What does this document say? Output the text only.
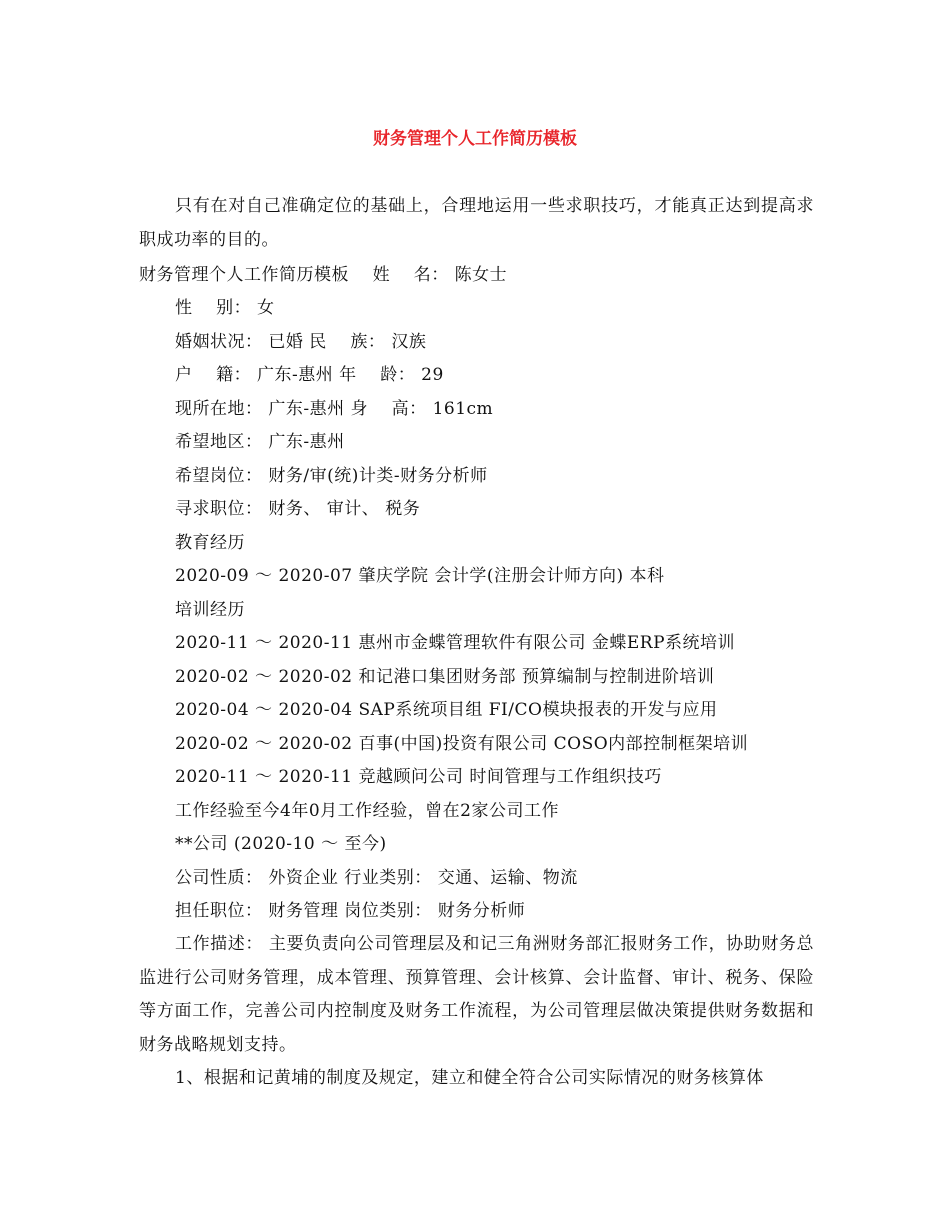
财务管理个人工作简历模板

只有在对自己准确定位的基础上，合理地运用一些求职技巧，才能真正达到提高求职成功率的目的。

财务管理个人工作简历模板    姓    名： 陈女士
性    别： 女
婚姻状况： 已婚 民    族： 汉族
户    籍： 广东-惠州 年    龄： 29
现所在地： 广东-惠州 身    高： 161cm
希望地区： 广东-惠州
希望岗位： 财务/审(统)计类-财务分析师
寻求职位： 财务、 审计、 税务
教育经历
2020-09 ～ 2020-07 肇庆学院 会计学(注册会计师方向) 本科
培训经历
2020-11 ～ 2020-11 惠州市金蝶管理软件有限公司 金蝶ERP系统培训
2020-02 ～ 2020-02 和记港口集团财务部 预算编制与控制进阶培训
2020-04 ～ 2020-04 SAP系统项目组 FI/CO模块报表的开发与应用
2020-02 ～ 2020-02 百事(中国)投资有限公司 COSO内部控制框架培训
2020-11 ～ 2020-11 竞越顾问公司 时间管理与工作组织技巧
工作经验至今4年0月工作经验，曾在2家公司工作
**公司 (2020-10 ～ 至今)
公司性质： 外资企业 行业类别： 交通、运输、物流
担任职位： 财务管理 岗位类别： 财务分析师

工作描述： 主要负责向公司管理层及和记三角洲财务部汇报财务工作，协助财务总监进行公司财务管理，成本管理、预算管理、会计核算、会计监督、审计、税务、保险等方面工作，完善公司内控制度及财务工作流程，为公司管理层做决策提供财务数据和财务战略规划支持。

1、根据和记黄埔的制度及规定，建立和健全符合公司实际情况的财务核算体
